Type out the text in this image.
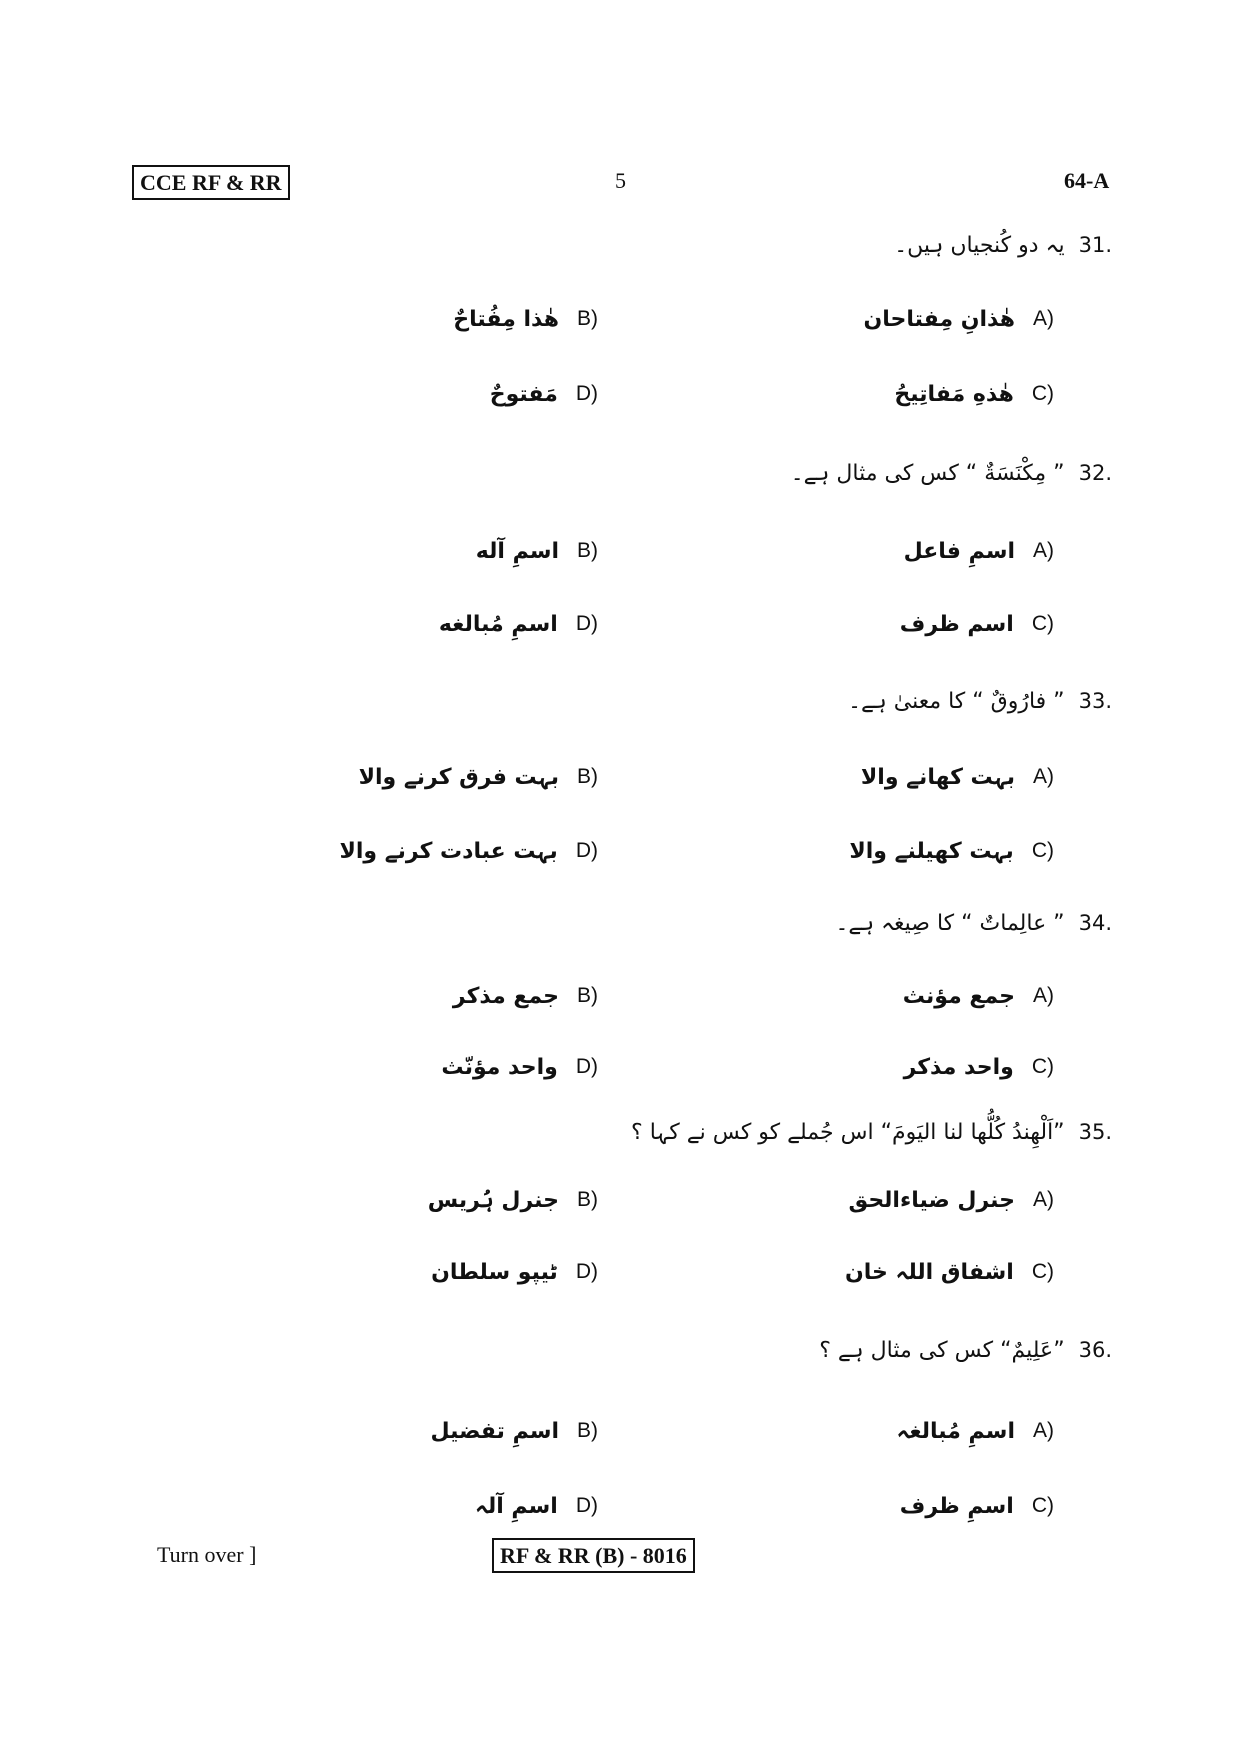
CCE RF & RR	5	64-A
31.
یہ دو کُنجیاں ہیں۔
A)
هٰذانِ مِفتاحان
B)
هٰذا مِفُتاحٌ
C)
هٰذهِ مَفاتِيحُ
D)
مَفتوحٌ
32.
” مِكْنَسَةٌ “ کس کی مثال ہے۔
A)
اسمِ فاعل
B)
اسمِ آله
C)
اسم ظرف
D)
اسمِ مُبالغه
33.
” فارُوقٌ “ کا معنیٰ ہے۔
A)
بہت کھانے والا
B)
بہت فرق کرنے والا
C)
بہت کھیلنے والا
D)
بہت عبادت کرنے والا
34.
” عالِماتٌ “ کا صِیغہ ہے۔
A)
جمع مؤنث
B)
جمع مذکر
C)
واحد مذکر
D)
واحد مؤنّث
35.
”اَلْهِندُ كُلُّها لنا اليَومَ“ اس جُملے کو کس نے کہا ؟
A)
جنرل ضیاءالحق
B)
جنرل ہُریس
C)
اشفاق اللہ خان
D)
ٹیپو سلطان
36.
”عَلِيمٌ“ کس کی مثال ہے ؟
A)
اسمِ مُبالغہ
B)
اسمِ تفضیل
C)
اسمِ ظرف
D)
اسمِ آلہ
Turn over ]	RF & RR (B) - 8016
